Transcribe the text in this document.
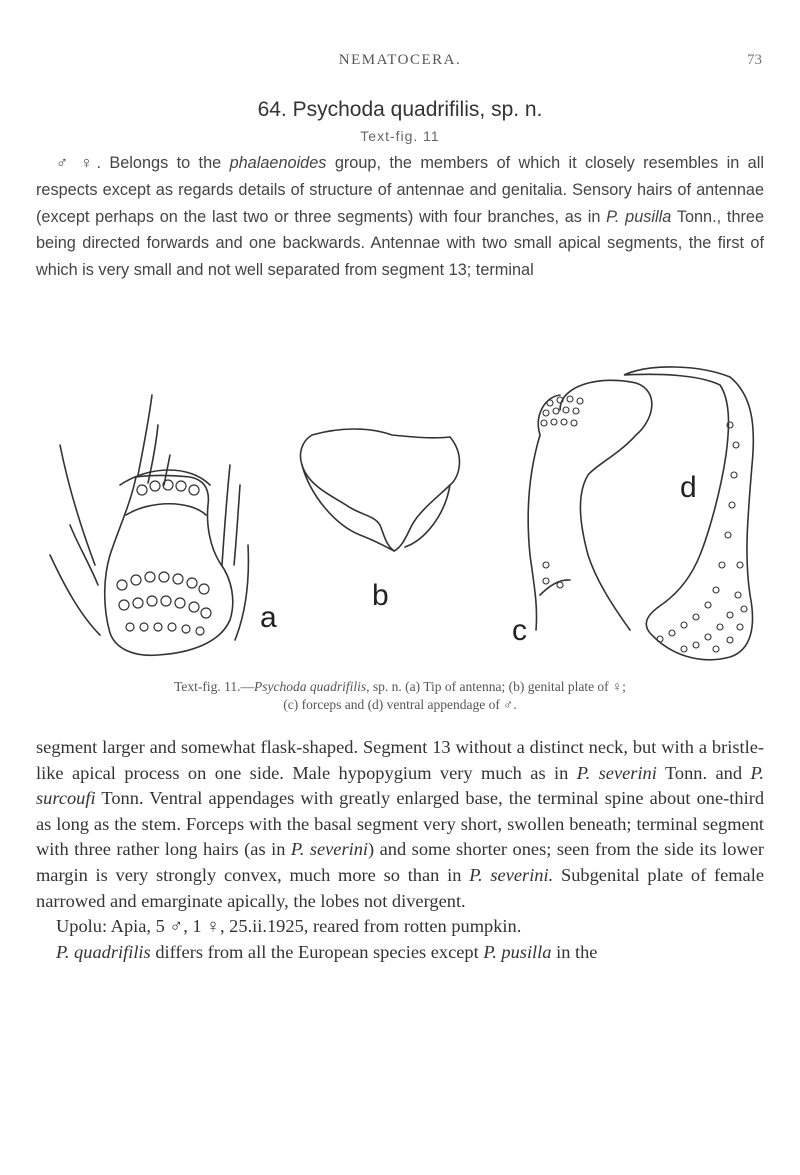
NEMATOCERA.	73
64. Psychoda quadrifilis, sp. n.
Text-fig. 11

♂ ♀. Belongs to the phalaenoides group, the members of which it closely resembles in all respects except as regards details of structure of antennae and genitalia. Sensory hairs of antennae (except perhaps on the last two or three segments) with four branches, as in P. pusilla Tonn., three being directed forwards and one backwards. Antennae with two small apical segments, the first of which is very small and not well separated from segment 13; terminal

a
b
c
d
Text-fig. 11.—Psychoda quadrifilis, sp. n. (a) Tip of antenna; (b) genital plate of ♀;
(c) forceps and (d) ventral appendage of ♂.

segment larger and somewhat flask-shaped. Segment 13 without a distinct neck, but with a bristle-like apical process on one side. Male hypopygium very much as in P. severini Tonn. and P. surcoufi Tonn. Ventral appendages with greatly enlarged base, the terminal spine about one-third as long as the stem. Forceps with the basal segment very short, swollen beneath; terminal segment with three rather long hairs (as in P. severini) and some shorter ones; seen from the side its lower margin is very strongly convex, much more so than in P. severini. Subgenital plate of female narrowed and emarginate apically, the lobes not divergent.

Upolu: Apia, 5 ♂, 1 ♀, 25.ii.1925, reared from rotten pumpkin.

P. quadrifilis differs from all the European species except P. pusilla in the
